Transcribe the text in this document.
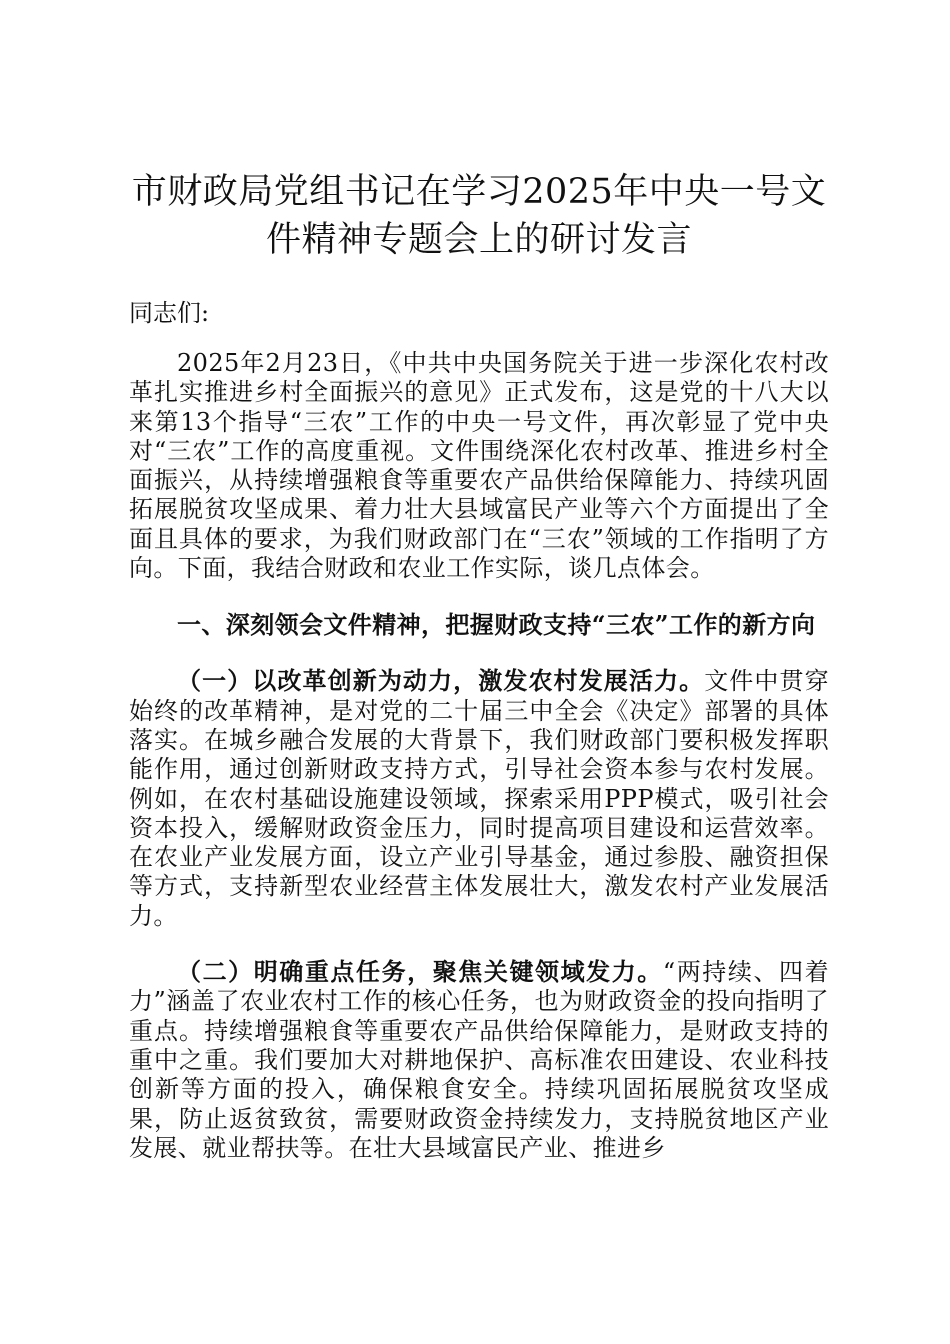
市财政局党组书记在学习2025年中央一号文件精神专题会上的研讨发言

同志们:

2025年2月23日，《中共中央国务院关于进一步深化农村改革扎实推进乡村全面振兴的意见》正式发布，这是党的十八大以来第13个指导“三农”工作的中央一号文件，再次彰显了党中央对“三农”工作的高度重视。文件围绕深化农村改革、推进乡村全面振兴，从持续增强粮食等重要农产品供给保障能力、持续巩固拓展脱贫攻坚成果、着力壮大县域富民产业等六个方面提出了全面且具体的要求，为我们财政部门在“三农”领域的工作指明了方向。下面，我结合财政和农业工作实际，谈几点体会。

一、深刻领会文件精神，把握财政支持“三农”工作的新方向

（一）以改革创新为动力，激发农村发展活力。文件中贯穿始终的改革精神，是对党的二十届三中全会《决定》部署的具体落实。在城乡融合发展的大背景下，我们财政部门要积极发挥职能作用，通过创新财政支持方式，引导社会资本参与农村发展。例如，在农村基础设施建设领域，探索采用PPP模式，吸引社会资本投入，缓解财政资金压力，同时提高项目建设和运营效率。在农业产业发展方面，设立产业引导基金，通过参股、融资担保等方式，支持新型农业经营主体发展壮大，激发农村产业发展活力。

（二）明确重点任务，聚焦关键领域发力。“两持续、四着力”涵盖了农业农村工作的核心任务，也为财政资金的投向指明了重点。持续增强粮食等重要农产品供给保障能力，是财政支持的重中之重。我们要加大对耕地保护、高标准农田建设、农业科技创新等方面的投入，确保粮食安全。持续巩固拓展脱贫攻坚成果，防止返贫致贫，需要财政资金持续发力，支持脱贫地区产业发展、就业帮扶等。在壮大县域富民产业、推进乡
